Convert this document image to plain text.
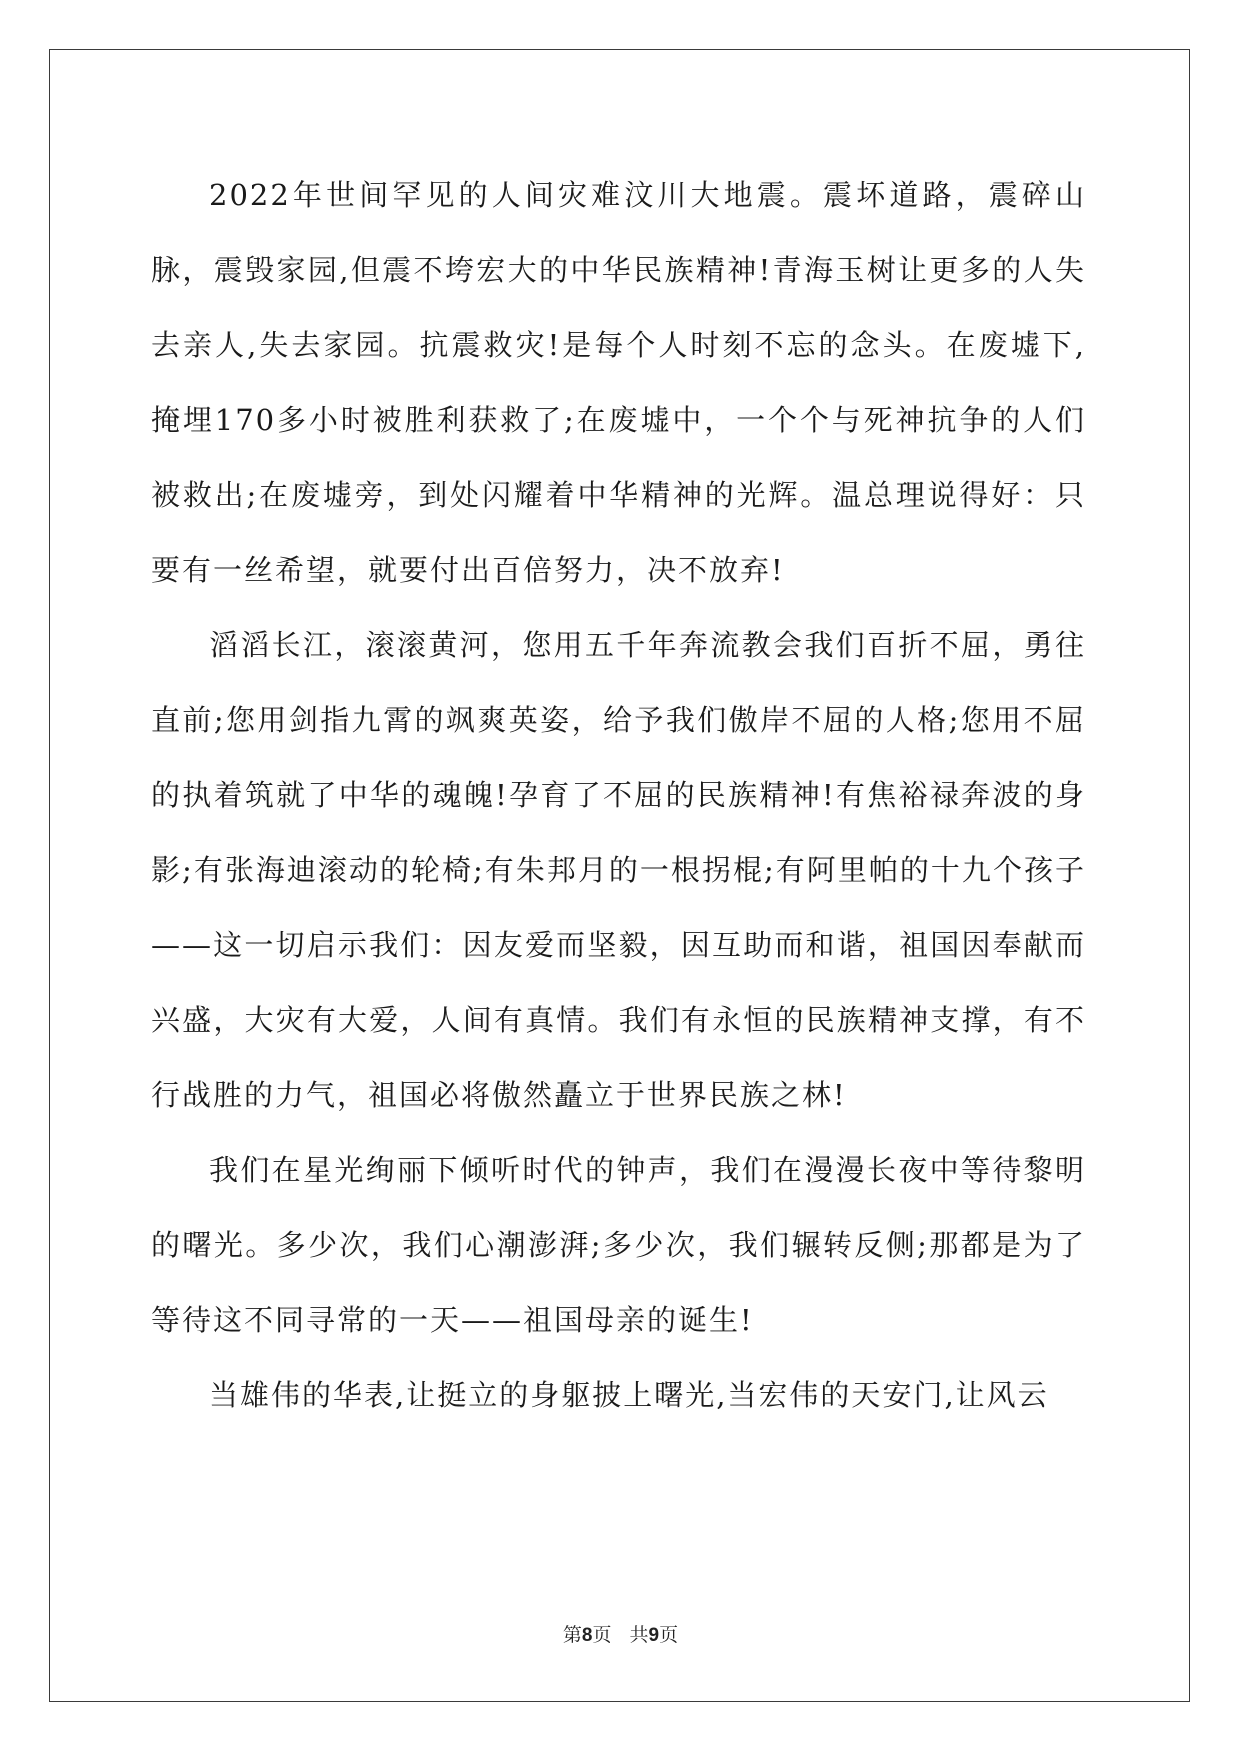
2022年世间罕见的人间灾难汶川大地震。震坏道路，震碎山脉，震毁家园,但震不垮宏大的中华民族精神!青海玉树让更多的人失去亲人,失去家园。抗震救灾!是每个人时刻不忘的念头。在废墟下,掩埋170多小时被胜利获救了;在废墟中，一个个与死神抗争的人们被救出;在废墟旁，到处闪耀着中华精神的光辉。温总理说得好：只要有一丝希望，就要付出百倍努力，决不放弃!

滔滔长江，滚滚黄河，您用五千年奔流教会我们百折不屈，勇往直前;您用剑指九霄的飒爽英姿，给予我们傲岸不屈的人格;您用不屈的执着筑就了中华的魂魄!孕育了不屈的民族精神!有焦裕禄奔波的身影;有张海迪滚动的轮椅;有朱邦月的一根拐棍;有阿里帕的十九个孩子——这一切启示我们：因友爱而坚毅，因互助而和谐，祖国因奉献而兴盛，大灾有大爱，人间有真情。我们有永恒的民族精神支撑，有不行战胜的力气，祖国必将傲然矗立于世界民族之林!

我们在星光绚丽下倾听时代的钟声，我们在漫漫长夜中等待黎明的曙光。多少次，我们心潮澎湃;多少次，我们辗转反侧;那都是为了等待这不同寻常的一天——祖国母亲的诞生!

当雄伟的华表,让挺立的身躯披上曙光,当宏伟的天安门,让风云

第8页 共9页
